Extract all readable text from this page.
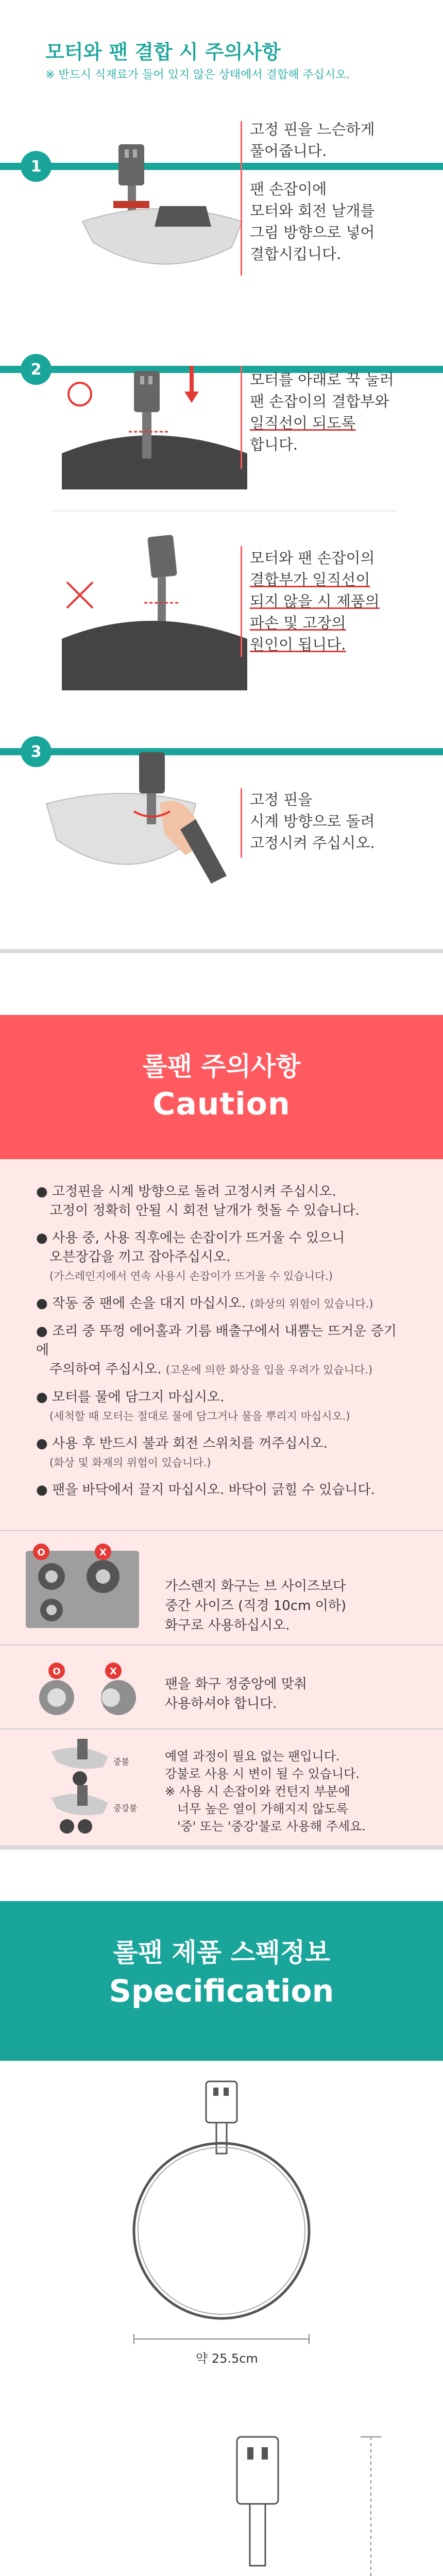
모터와 팬 결합 시 주의사항
※ 반드시 식재료가 들어 있지 않은 상태에서 결합해 주십시오.
1
고정 핀을 느슨하게
풀어줍니다.
팬 손잡이에
모터와 회전 날개를
그림 방향으로 넣어
결합시킵니다.
2
모터를 아래로 꾹 눌러
팬 손잡이의 결합부와
일직선이 되도록
합니다.
모터와 팬 손잡이의
결합부가 일직선이
되지 않을 시 제품의
파손 및 고장의
원인이 됩니다.
3
고정 핀을
시계 방향으로 돌려
고정시켜 주십시오.
롤팬 주의사항
Caution
● 고정핀을 시계 방향으로 돌려 고정시켜 주십시오.
고정이 정확히 안될 시 회전 날개가 헛돌 수 있습니다.
● 사용 중, 사용 직후에는 손잡이가 뜨거울 수 있으니
오븐장갑을 끼고 잡아주십시오.
(가스레인지에서 연속 사용시 손잡이가 뜨거울 수 있습니다.)
● 작동 중 팬에 손을 대지 마십시오. (화상의 위험이 있습니다.)
● 조리 중 뚜껑 에어홀과 기름 배출구에서 내뿜는 뜨거운 증기에
주의하여 주십시오. (고온에 의한 화상을 입을 우려가 있습니다.)
● 모터를 물에 담그지 마십시오.
(세척할 때 모터는 절대로 물에 담그거나 물을 뿌리지 마십시오.)
● 사용 후 반드시 불과 회전 스위치를 꺼주십시오.
(화상 및 화재의 위험이 있습니다.)
● 팬을 바닥에서 끌지 마십시오. 바닥이 긁힐 수 있습니다.
O	X
가스렌지 화구는 브 사이즈보다
중간 사이즈 (직경 10cm 이하)
화구로 사용하십시오.
O	X
팬을 화구 정중앙에 맞춰
사용하셔야 합니다.
중불
중강불
예열 과정이 필요 없는 팬입니다.
강불로 사용 시 변이 될 수 있습니다.
※ 사용 시 손잡이와 컨턴지 부분에
너무 높은 열이 가해지지 않도록
'중' 또는 '중강'불로 사용해 주세요.
롤팬 제품 스펙정보
Specification
약 25.5cm
